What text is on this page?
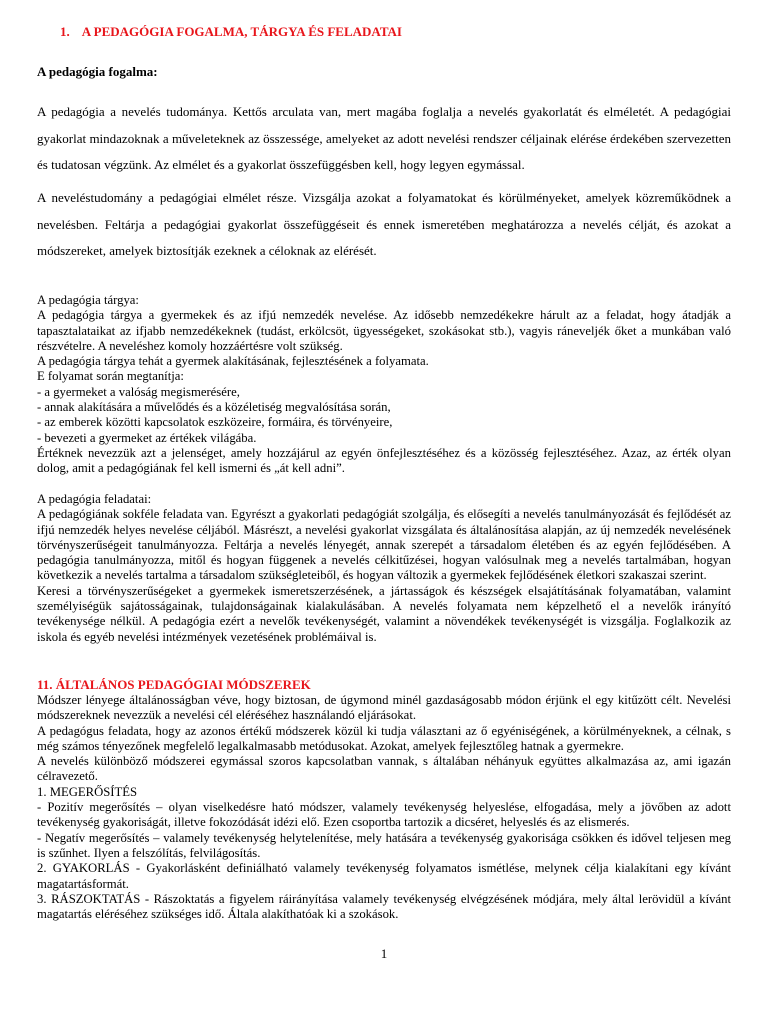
1. A PEDAGÓGIA FOGALMA, TÁRGYA ÉS FELADATAI
A pedagógia fogalma:
A pedagógia a nevelés tudománya. Kettős arculata van, mert magába foglalja a nevelés gyakorlatát és elméletét. A pedagógiai gyakorlat mindazoknak a műveleteknek az összessége, amelyeket az adott nevelési rendszer céljainak elérése érdekében szervezetten és tudatosan végzünk. Az elmélet és a gyakorlat összefüggésben kell, hogy legyen egymással.
A neveléstudomány a pedagógiai elmélet része. Vizsgálja azokat a folyamatokat és körülményeket, amelyek közreműködnek a nevelésben. Feltárja a pedagógiai gyakorlat összefüggéseit és ennek ismeretében meghatározza a nevelés célját, és azokat a módszereket, amelyek biztosítják ezeknek a céloknak az elérését.

A pedagógia tárgya:

A pedagógia tárgya a gyermekek és az ifjú nemzedék nevelése. Az idősebb nemzedékekre hárult az a feladat, hogy átadják a tapasztalataikat az ifjabb nemzedékeknek (tudást, erkölcsöt, ügyességeket, szokásokat stb.), vagyis ráneveljék őket a munkában való részvételre. A neveléshez komoly hozzáértésre volt szükség.

A pedagógia tárgya tehát a gyermek alakításának, fejlesztésének a folyamata.

E folyamat során megtanítja:

- a gyermeket a valóság megismerésére,

- annak alakítására a művelődés és a közéletiség megvalósítása során,

- az emberek közötti kapcsolatok eszközeire, formáira, és törvényeire,

- bevezeti a gyermeket az értékek világába.

Értéknek nevezzük azt a jelenséget, amely hozzájárul az egyén önfejlesztéséhez és a közösség fejlesztéséhez. Azaz, az érték olyan dolog, amit a pedagógiának fel kell ismerni és „át kell adni”.

A pedagógia feladatai:

A pedagógiának sokféle feladata van. Egyrészt a gyakorlati pedagógiát szolgálja, és elősegíti a nevelés tanulmányozását és fejlődését az ifjú nemzedék helyes nevelése céljából. Másrészt, a nevelési gyakorlat vizsgálata és általánosítása alapján, az új nemzedék nevelésének törvényszerűségeit tanulmányozza. Feltárja a nevelés lényegét, annak szerepét a társadalom életében és az egyén fejlődésében. A pedagógia tanulmányozza, mitől és hogyan függenek a nevelés célkitűzései, hogyan valósulnak meg a nevelés tartalmában, hogyan következik a nevelés tartalma a társadalom szükségleteiből, és hogyan változik a gyermekek fejlődésének életkori szakaszai szerint.

Keresi a törvényszerűségeket a gyermekek ismeretszerzésének, a jártasságok és készségek elsajátításának folyamatában, valamint személyiségük sajátosságainak, tulajdonságainak kialakulásában. A nevelés folyamata nem képzelhető el a nevelők irányító tevékenysége nélkül. A pedagógia ezért a nevelők tevékenységét, valamint a növendékek tevékenységét is vizsgálja. Foglalkozik az iskola és egyéb nevelési intézmények vezetésének problémáival is.

11. ÁLTALÁNOS PEDAGÓGIAI MÓDSZEREK

Módszer lényege általánosságban véve, hogy biztosan, de úgymond minél gazdaságosabb módon érjünk el egy kitűzött célt. Nevelési módszereknek nevezzük a nevelési cél eléréséhez használandó eljárásokat.

A pedagógus feladata, hogy az azonos értékű módszerek közül ki tudja választani az ő egyéniségének, a körülményeknek, a célnak, s még számos tényezőnek megfelelő legalkalmasabb metódusokat. Azokat, amelyek fejlesztőleg hatnak a gyermekre.

A nevelés különböző módszerei egymással szoros kapcsolatban vannak, s általában néhányuk együttes alkalmazása az, ami igazán célravezető.

1. MEGERŐSÍTÉS

- Pozitív megerősítés – olyan viselkedésre ható módszer, valamely tevékenység helyeslése, elfogadása, mely a jövőben az adott tevékenység gyakoriságát, illetve fokozódását idézi elő. Ezen csoportba tartozik a dicséret, helyeslés és az elismerés.

- Negatív megerősítés – valamely tevékenység helytelenítése, mely hatására a tevékenység gyakorisága csökken és idővel teljesen meg is szűnhet. Ilyen a felszólítás, felvilágosítás.

2. GYAKORLÁS - Gyakorlásként definiálható valamely tevékenység folyamatos ismétlése, melynek célja kialakítani egy kívánt magatartásformát.

3. RÁSZOKTATÁS - Rászoktatás a figyelem ráirányítása valamely tevékenység elvégzésének módjára, mely által lerövidül a kívánt magatartás eléréséhez szükséges idő. Általa alakíthatóak ki a szokások.

1
